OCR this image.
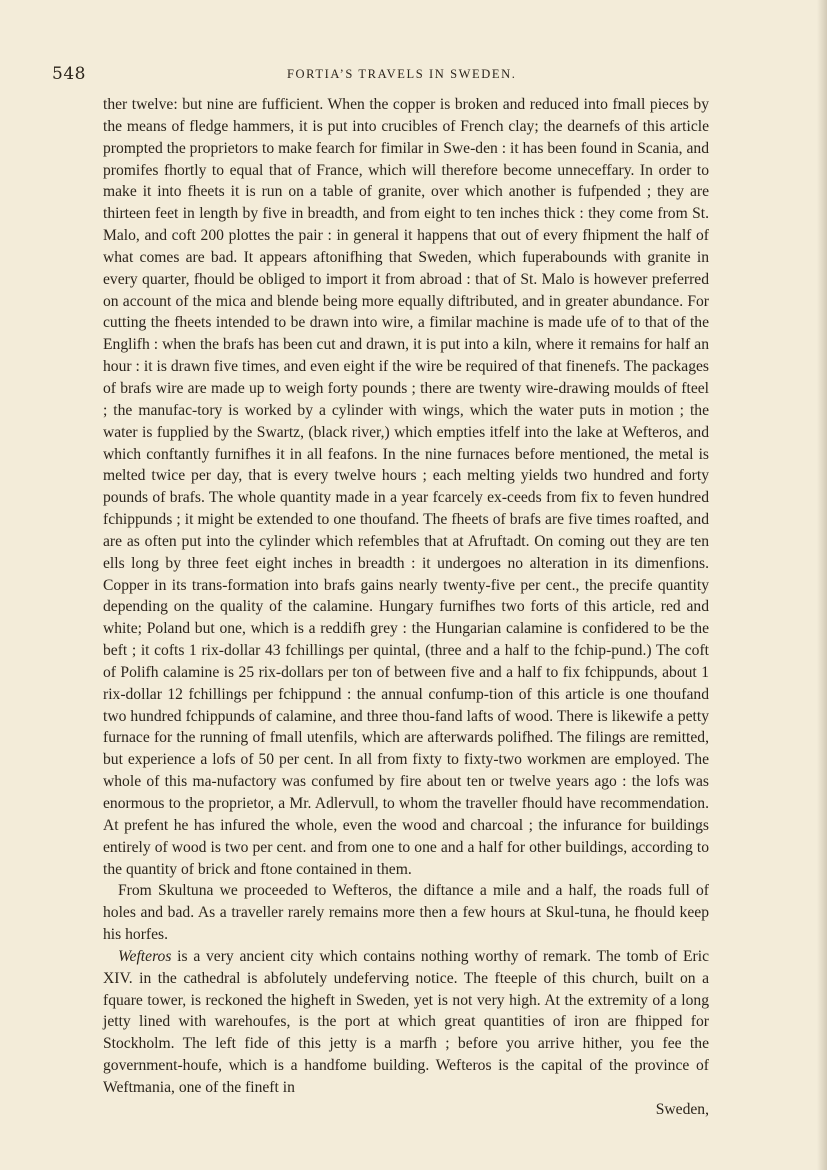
548	FORTIA’S TRAVELS IN SWEDEN.

ther twelve: but nine are fufficient. When the copper is broken and reduced into fmall pieces by the means of fledge hammers, it is put into crucibles of French clay; the dearnefs of this article prompted the proprietors to make fearch for fimilar in Swe-den : it has been found in Scania, and promifes fhortly to equal that of France, which will therefore become unneceffary. In order to make it into fheets it is run on a table of granite, over which another is fufpended ; they are thirteen feet in length by five in breadth, and from eight to ten inches thick : they come from St. Malo, and coft 200 plottes the pair : in general it happens that out of every fhipment the half of what comes are bad. It appears aftonifhing that Sweden, which fuperabounds with granite in every quarter, fhould be obliged to import it from abroad : that of St. Malo is however preferred on account of the mica and blende being more equally diftributed, and in greater abundance. For cutting the fheets intended to be drawn into wire, a fimilar machine is made ufe of to that of the Englifh : when the brafs has been cut and drawn, it is put into a kiln, where it remains for half an hour : it is drawn five times, and even eight if the wire be required of that finenefs. The packages of brafs wire are made up to weigh forty pounds ; there are twenty wire-drawing moulds of fteel ; the manufac-tory is worked by a cylinder with wings, which the water puts in motion ; the water is fupplied by the Swartz, (black river,) which empties itfelf into the lake at Wefteros, and which conftantly furnifhes it in all feafons. In the nine furnaces before mentioned, the metal is melted twice per day, that is every twelve hours ; each melting yields two hundred and forty pounds of brafs. The whole quantity made in a year fcarcely ex-ceeds from fix to feven hundred fchippunds ; it might be extended to one thoufand. The fheets of brafs are five times roafted, and are as often put into the cylinder which refembles that at Afruftadt. On coming out they are ten ells long by three feet eight inches in breadth : it undergoes no alteration in its dimenfions. Copper in its trans-formation into brafs gains nearly twenty-five per cent., the precife quantity depending on the quality of the calamine. Hungary furnifhes two forts of this article, red and white; Poland but one, which is a reddifh grey : the Hungarian calamine is confidered to be the beft ; it cofts 1 rix-dollar 43 fchillings per quintal, (three and a half to the fchip-pund.) The coft of Polifh calamine is 25 rix-dollars per ton of between five and a half to fix fchippunds, about 1 rix-dollar 12 fchillings per fchippund : the annual confump-tion of this article is one thoufand two hundred fchippunds of calamine, and three thou-fand lafts of wood. There is likewife a petty furnace for the running of fmall utenfils, which are afterwards polifhed. The filings are remitted, but experience a lofs of 50 per cent. In all from fixty to fixty-two workmen are employed. The whole of this ma-nufactory was confumed by fire about ten or twelve years ago : the lofs was enormous to the proprietor, a Mr. Adlervull, to whom the traveller fhould have recommendation. At prefent he has infured the whole, even the wood and charcoal ; the infurance for buildings entirely of wood is two per cent. and from one to one and a half for other buildings, according to the quantity of brick and ftone contained in them.

From Skultuna we proceeded to Wefteros, the diftance a mile and a half, the roads full of holes and bad. As a traveller rarely remains more then a few hours at Skul-tuna, he fhould keep his horfes.

Wefteros is a very ancient city which contains nothing worthy of remark. The tomb of Eric XIV. in the cathedral is abfolutely undeferving notice. The fteeple of this church, built on a fquare tower, is reckoned the higheft in Sweden, yet is not very high. At the extremity of a long jetty lined with warehoufes, is the port at which great quantities of iron are fhipped for Stockholm. The left fide of this jetty is a marfh ; before you arrive hither, you fee the government-houfe, which is a handfome building. Wefteros is the capital of the province of Weftmania, one of the fineft in

Sweden,
